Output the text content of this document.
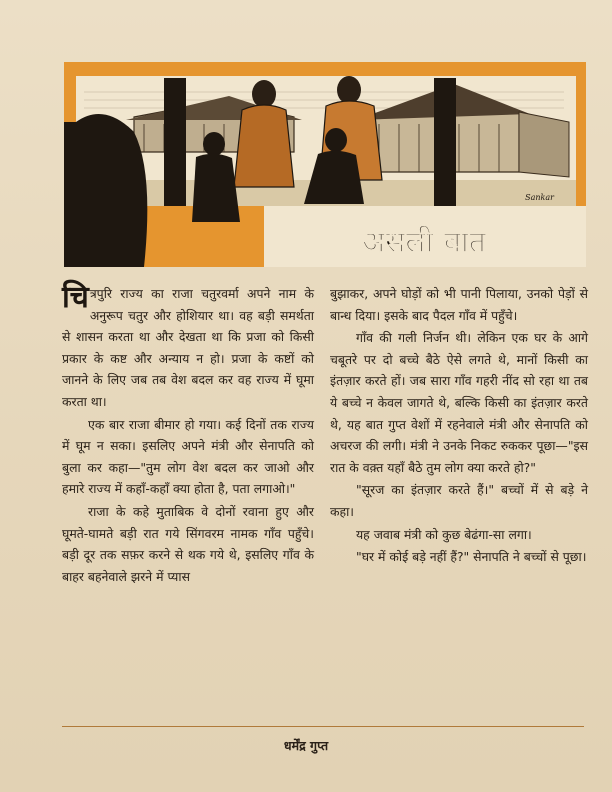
असली बात
Sankar

चित्रपुरि राज्य का राजा चतुरवर्मा अपने नाम के अनुरूप चतुर और होशियार था। वह बड़ी समर्थता से शासन करता था और देखता था कि प्रजा को किसी प्रकार के कष्ट और अन्याय न हो। प्रजा के कष्टों को जानने के लिए जब तब वेश बदल कर वह राज्य में घूमा करता था।

एक बार राजा बीमार हो गया। कई दिनों तक राज्य में घूम न सका। इसलिए अपने मंत्री और सेनापति को बुला कर कहा—"तुम लोग वेश बदल कर जाओ और हमारे राज्य में कहाँ-कहाँ क्या होता है, पता लगाओ।"

राजा के कहे मुताबिक वे दोनों रवाना हुए और घूमते-घामते बड़ी रात गये सिंगवरम नामक गाँव पहुँचे। बड़ी दूर तक सफ़र करने से थक गये थे, इसलिए गाँव के बाहर बहनेवाले झरने में प्यास

बुझाकर, अपने घोड़ों को भी पानी पिलाया, उनको पेड़ों से बान्ध दिया। इसके बाद पैदल गाँव में पहुँचे।

गाँव की गली निर्जन थी। लेकिन एक घर के आगे चबूतरे पर दो बच्चे बैठे ऐसे लगते थे, मानों किसी का इंतज़ार करते हों। जब सारा गाँव गहरी नींद सो रहा था तब ये बच्चे न केवल जागते थे, बल्कि किसी का इंतज़ार करते थे, यह बात गुप्त वेशों में रहनेवाले मंत्री और सेनापति को अचरज की लगी। मंत्री ने उनके निकट रुककर पूछा—"इस रात के वक़्त यहाँ बैठे तुम लोग क्या करते हो?"

"सूरज का इंतज़ार करते हैं।" बच्चों में से बड़े ने कहा।

यह जवाब मंत्री को कुछ बेढंगा-सा लगा।

"घर में कोई बड़े नहीं हैं?" सेनापति ने बच्चों से पूछा।

धर्मेंद्र गुप्त
